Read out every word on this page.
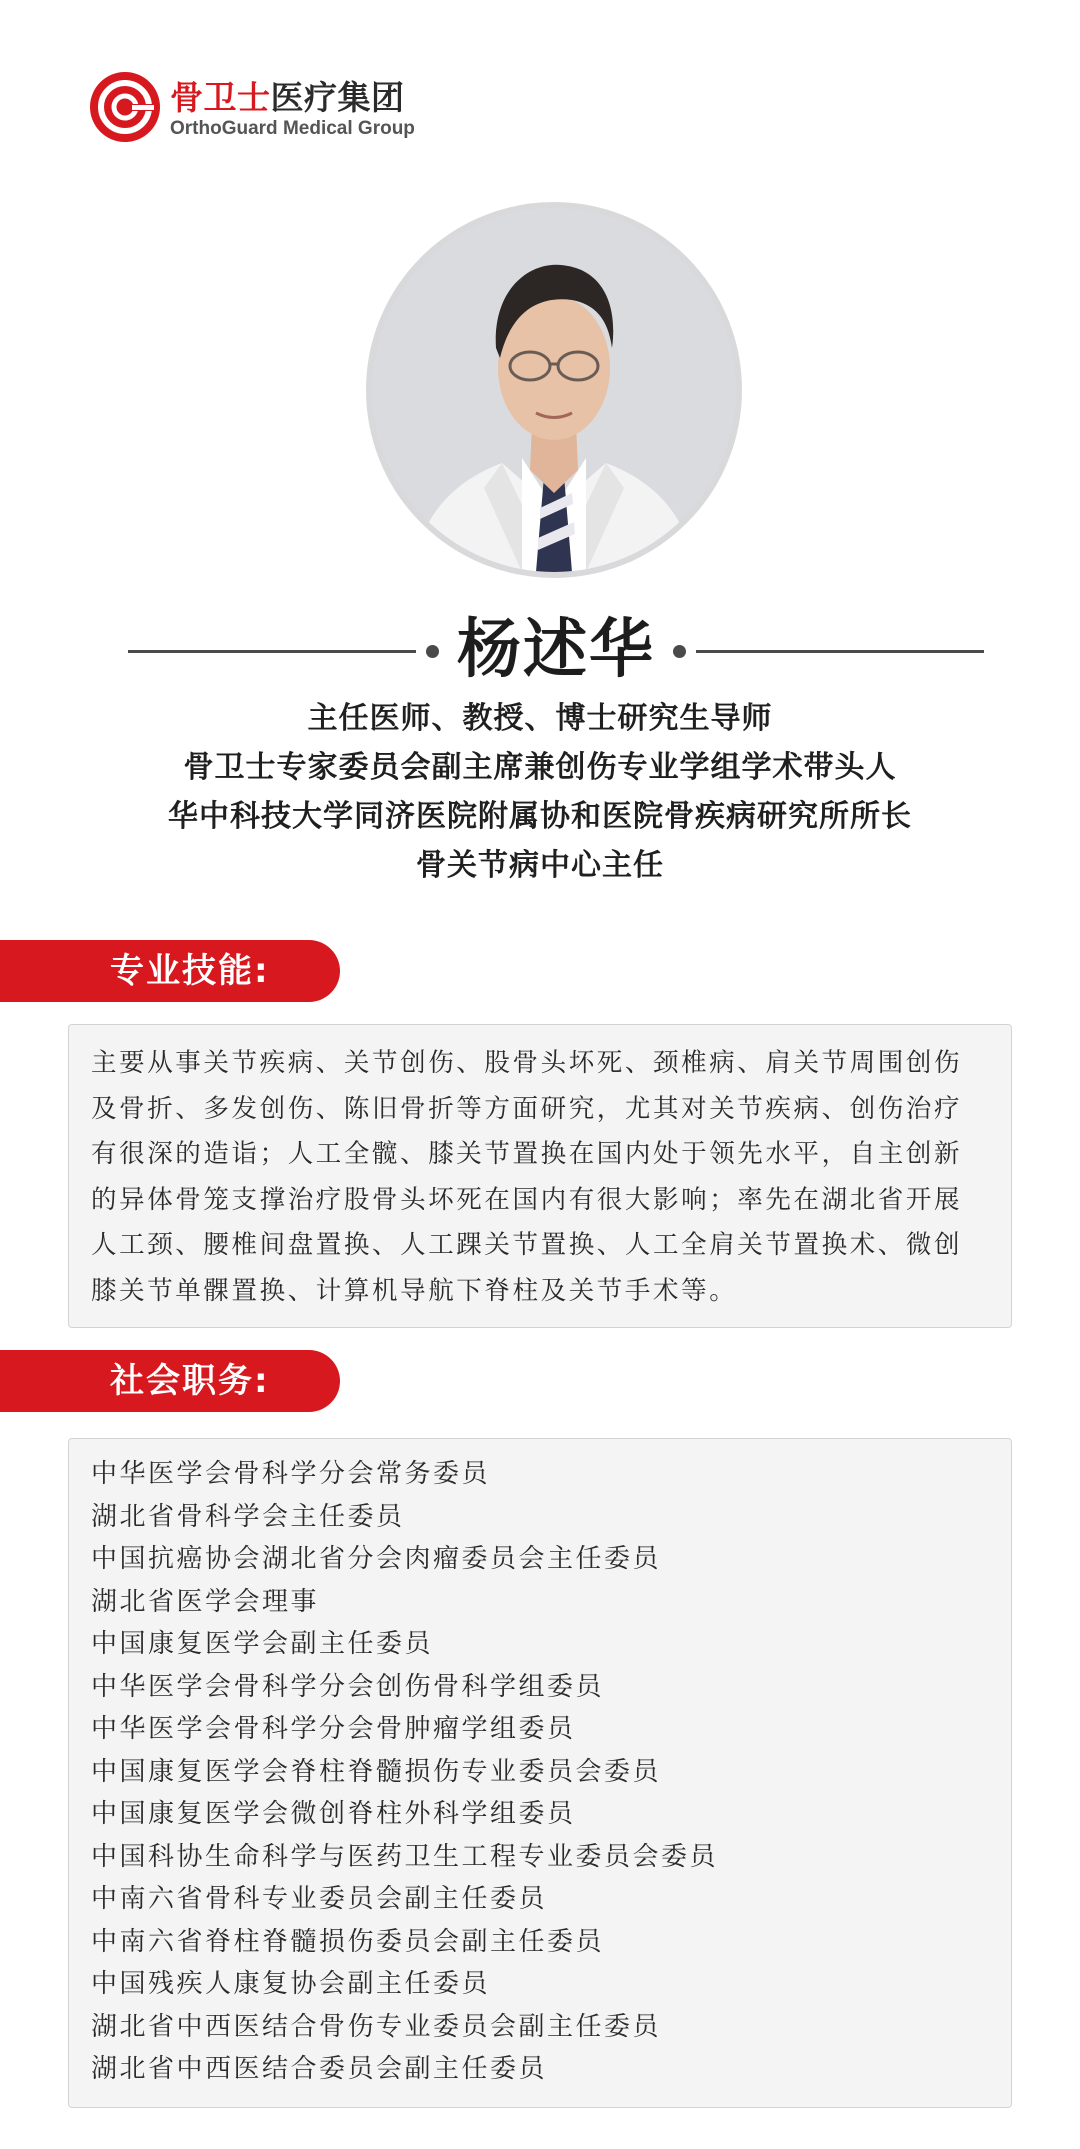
骨卫士医疗集团
OrthoGuard Medical Group
杨述华
主任医师、教授、博士研究生导师
骨卫士专家委员会副主席兼创伤专业学组学术带头人
华中科技大学同济医院附属协和医院骨疾病研究所所长
骨关节病中心主任
专业技能:

主要从事关节疾病、关节创伤、股骨头坏死、颈椎病、肩关节周围创伤及骨折、多发创伤、陈旧骨折等方面研究，尤其对关节疾病、创伤治疗有很深的造诣；人工全髋、膝关节置换在国内处于领先水平，自主创新的异体骨笼支撑治疗股骨头坏死在国内有很大影响；率先在湖北省开展人工颈、腰椎间盘置换、人工踝关节置换、人工全肩关节置换术、微创膝关节单髁置换、计算机导航下脊柱及关节手术等。

社会职务:
中华医学会骨科学分会常务委员
湖北省骨科学会主任委员
中国抗癌协会湖北省分会肉瘤委员会主任委员
湖北省医学会理事
中国康复医学会副主任委员
中华医学会骨科学分会创伤骨科学组委员
中华医学会骨科学分会骨肿瘤学组委员
中国康复医学会脊柱脊髓损伤专业委员会委员
中国康复医学会微创脊柱外科学组委员
中国科协生命科学与医药卫生工程专业委员会委员
中南六省骨科专业委员会副主任委员
中南六省脊柱脊髓损伤委员会副主任委员
中国残疾人康复协会副主任委员
湖北省中西医结合骨伤专业委员会副主任委员
湖北省中西医结合委员会副主任委员
